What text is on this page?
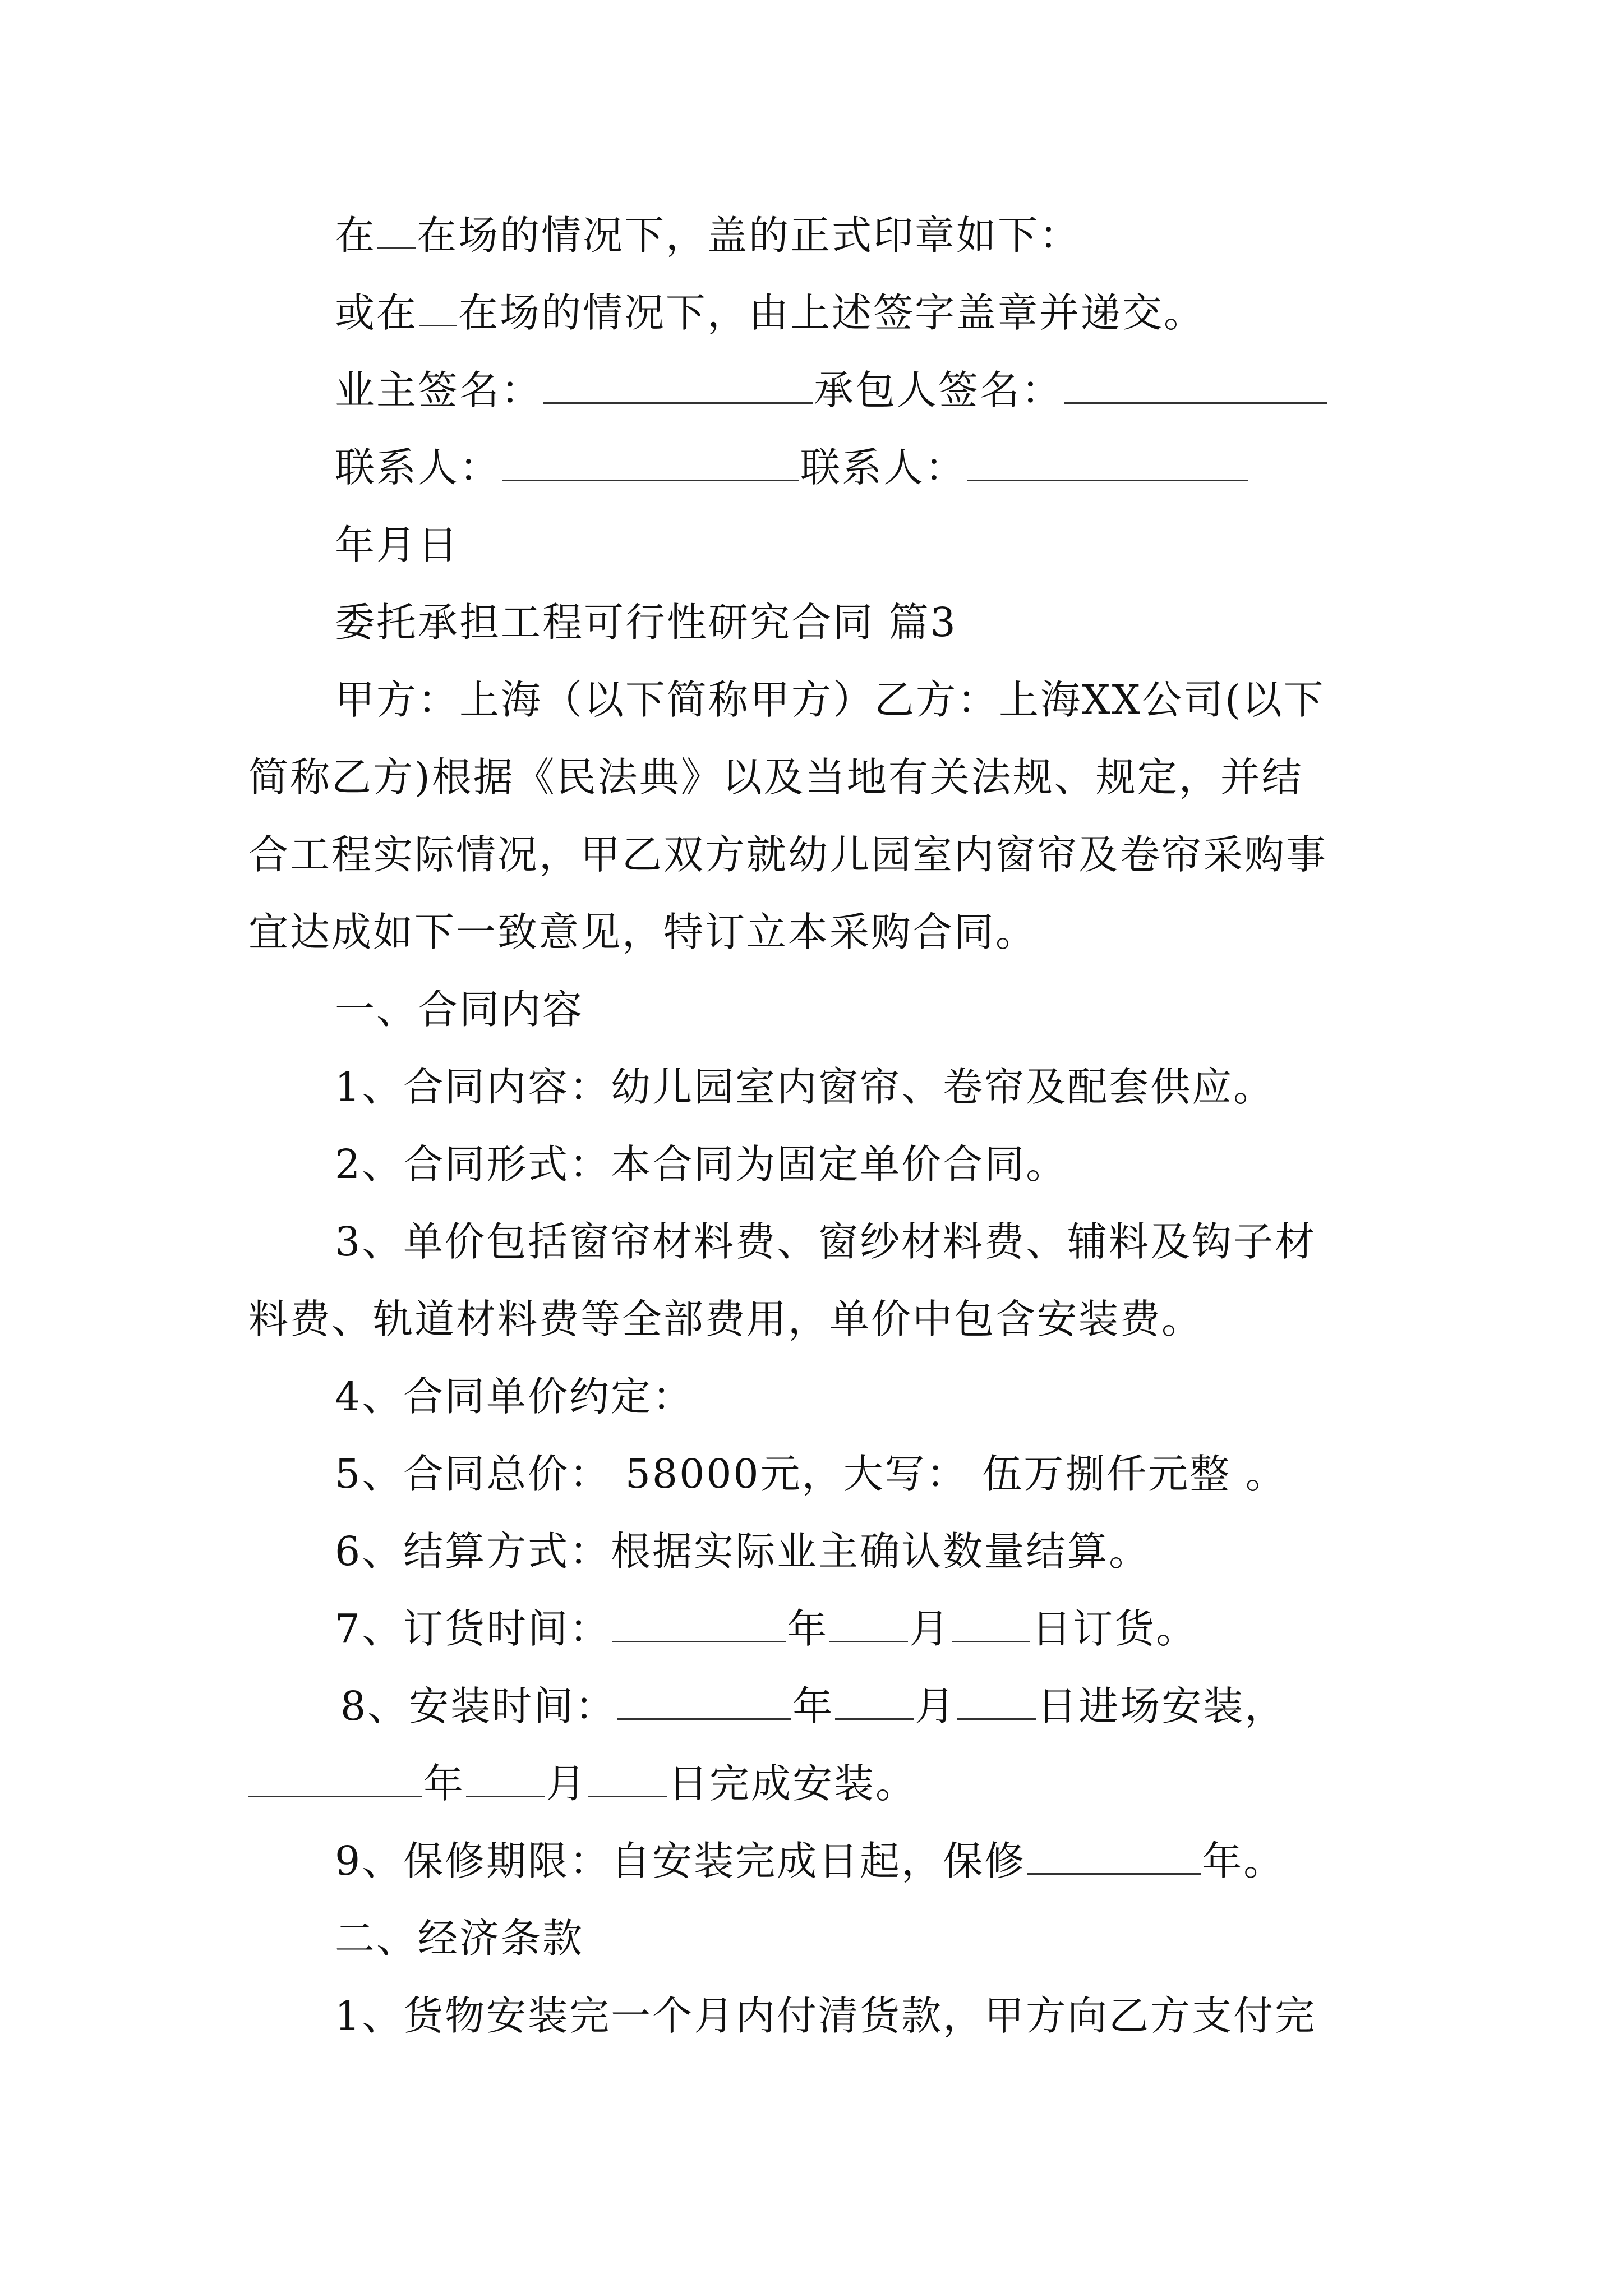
在 在场的情况下，盖的正式印章如下：
或在 在场的情况下，由上述签字盖章并递交。
业主签名：	承包人签名：
联系人：	联系人：
年月日
委托承担工程可行性研究合同 篇3
甲方：上海（以下简称甲方）乙方：上海XX公司(以下
简称乙方)根据《民法典》以及当地有关法规、规定，并结
合工程实际情况，甲乙双方就幼儿园室内窗帘及卷帘采购事
宜达成如下一致意见，特订立本采购合同。
一、合同内容
1、合同内容：幼儿园室内窗帘、卷帘及配套供应。
2、合同形式：本合同为固定单价合同。
3、单价包括窗帘材料费、窗纱材料费、辅料及钩子材
料费、轨道材料费等全部费用，单价中包含安装费。
4、合同单价约定：
5、合同总价： 58000元，大写： 伍万捌仟元整 。
6、结算方式：根据实际业主确认数量结算。
7、订货时间：	年 月 日订货。
8、安装时间：	年 月 日进场安装，
年 月 日完成安装。
9、保修期限：自安装完成日起，保修	年。
二、经济条款
1、货物安装完一个月内付清货款，甲方向乙方支付完
